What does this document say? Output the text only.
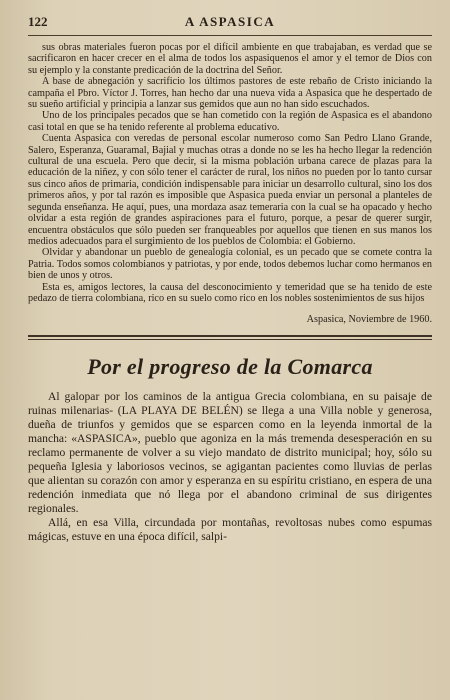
122	A ASPASICA

sus obras materiales fueron pocas por el difícil ambiente en que trabajaban, es verdad que se sacrificaron en hacer crecer en el alma de todos los aspasiquenos el amor y el temor de Dios con su ejemplo y la constante predicación de la doctrina del Señor.

A base de abnegación y sacrificio los últimos pastores de este rebaño de Cristo iniciando la campaña el Pbro. Víctor J. Torres, han hecho dar una nueva vida a Aspasica que he despertado de su sueño artificial y principia a lanzar sus gemidos que aun no han sido escuchados.

Uno de los principales pecados que se han cometido con la región de Aspasica es el abandono casi total en que se ha tenido referente al problema educativo.

Cuenta Aspasica con veredas de personal escolar numeroso como San Pedro Llano Grande, Salero, Esperanza, Guaramal, Bajial y muchas otras a donde no se les ha hecho llegar la redención cultural de una escuela. Pero que decir, si la misma población urbana carece de plazas para la educación de la niñez, y con sólo tener el carácter de rural, los niños no pueden por lo tanto cursar sus cinco años de primaria, condición indispensable para iniciar un desarrollo cultural, sino los dos primeros años, y por tal razón es imposible que Aspasica pueda enviar un personal a planteles de segunda enseñanza. He aquí, pues, una mordaza asaz temeraria con la cual se ha opacado y hecho olvidar a esta región de grandes aspiraciones para el futuro, porque, a pesar de querer surgir, encuentra obstáculos que sólo pueden ser franqueables por aquellos que tienen en sus manos los medios adecuados para el surgimiento de los pueblos de Colombia: el Gobierno.

Olvidar y abandonar un pueblo de genealogía colonial, es un pecado que se comete contra la Patria. Todos somos colombianos y patriotas, y por ende, todos debemos luchar como hermanos en bien de unos y otros.

Esta es, amigos lectores, la causa del desconocimiento y temeridad que se ha tenido de este pedazo de tierra colombiana, rico en su suelo como rico en los nobles sostenimientos de sus hijos

Aspasica, Noviembre de 1960.
Por el progreso de la Comarca

Al galopar por los caminos de la antigua Grecia colombiana, en su paisaje de ruinas milenarias- (LA PLAYA DE BELÉN) se llega a una Villa noble y generosa, dueña de triunfos y gemidos que se esparcen como en la leyenda inmortal de la mancha: «ASPASICA», pueblo que agoniza en la más tremenda desesperación en su reclamo permanente de volver a su viejo mandato de distrito municipal; hoy, sólo su pequeña Iglesia y laboriosos vecinos, se agigantan pacientes como lluvias de perlas que alientan su corazón con amor y esperanza en su espíritu cristiano, en espera de una redención inmediata que nó llega por el abandono criminal de sus dirigentes regionales.

Allá, en esa Villa, circundada por montañas, revoltosas nubes como espumas mágicas, estuve en una época difícil, salpi-
